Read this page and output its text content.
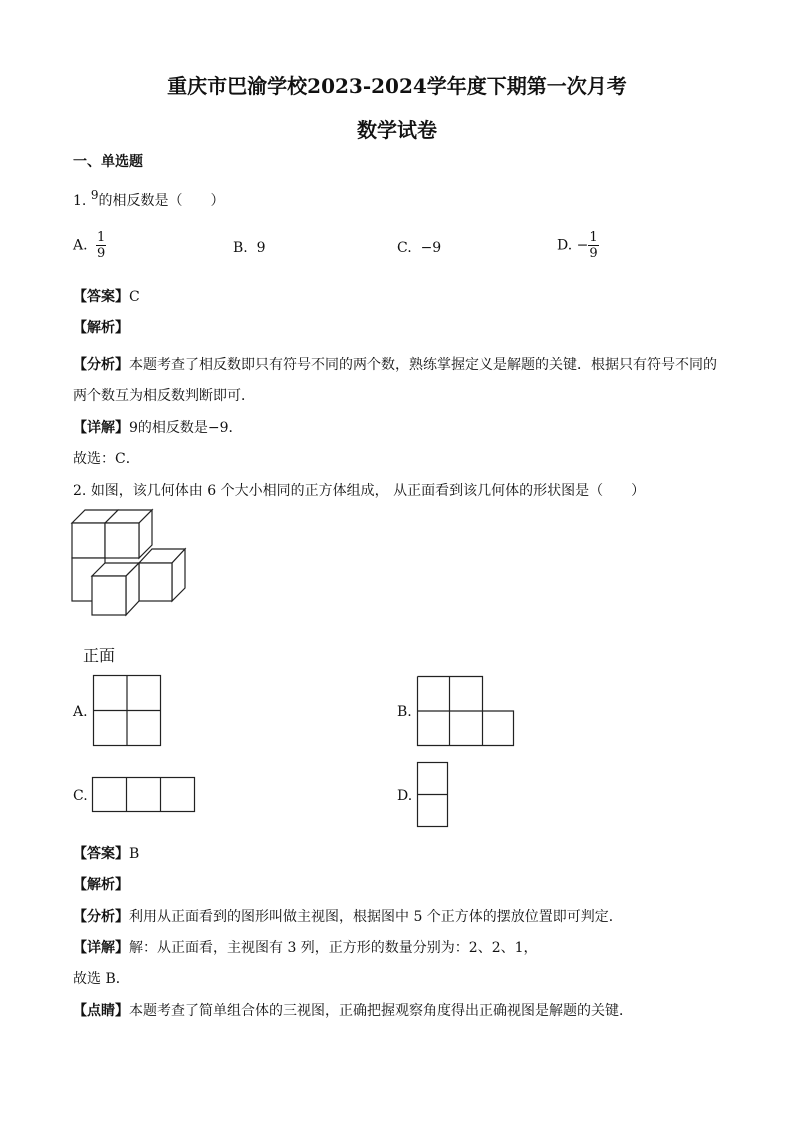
重庆市巴渝学校2023-2024学年度下期第一次月考
数学试卷
一、单选题
1. 9的相反数是（　　）
A. $\frac{1}{9}$	B. 9	C. −9	D. − $\frac{1}{9}$
【答案】C
【解析】
【分析】本题考查了相反数即只有符号不同的两个数，熟练掌握定义是解题的关键．根据只有符号不同的
两个数互为相反数判断即可．
【详解】9的相反数是−9．
故选：C．
2. 如图，该几何体由 6 个大小相同的正方体组成， 从正面看到该几何体的形状图是（　　）
正面
A.	B.
C.	D.
【答案】B
【解析】
【分析】利用从正面看到的图形叫做主视图，根据图中 5 个正方体的摆放位置即可判定．
【详解】解：从正面看，主视图有 3 列，正方形的数量分别为：2、2、1，
故选 B．
【点睛】本题考查了简单组合体的三视图，正确把握观察角度得出正确视图是解题的关键．
